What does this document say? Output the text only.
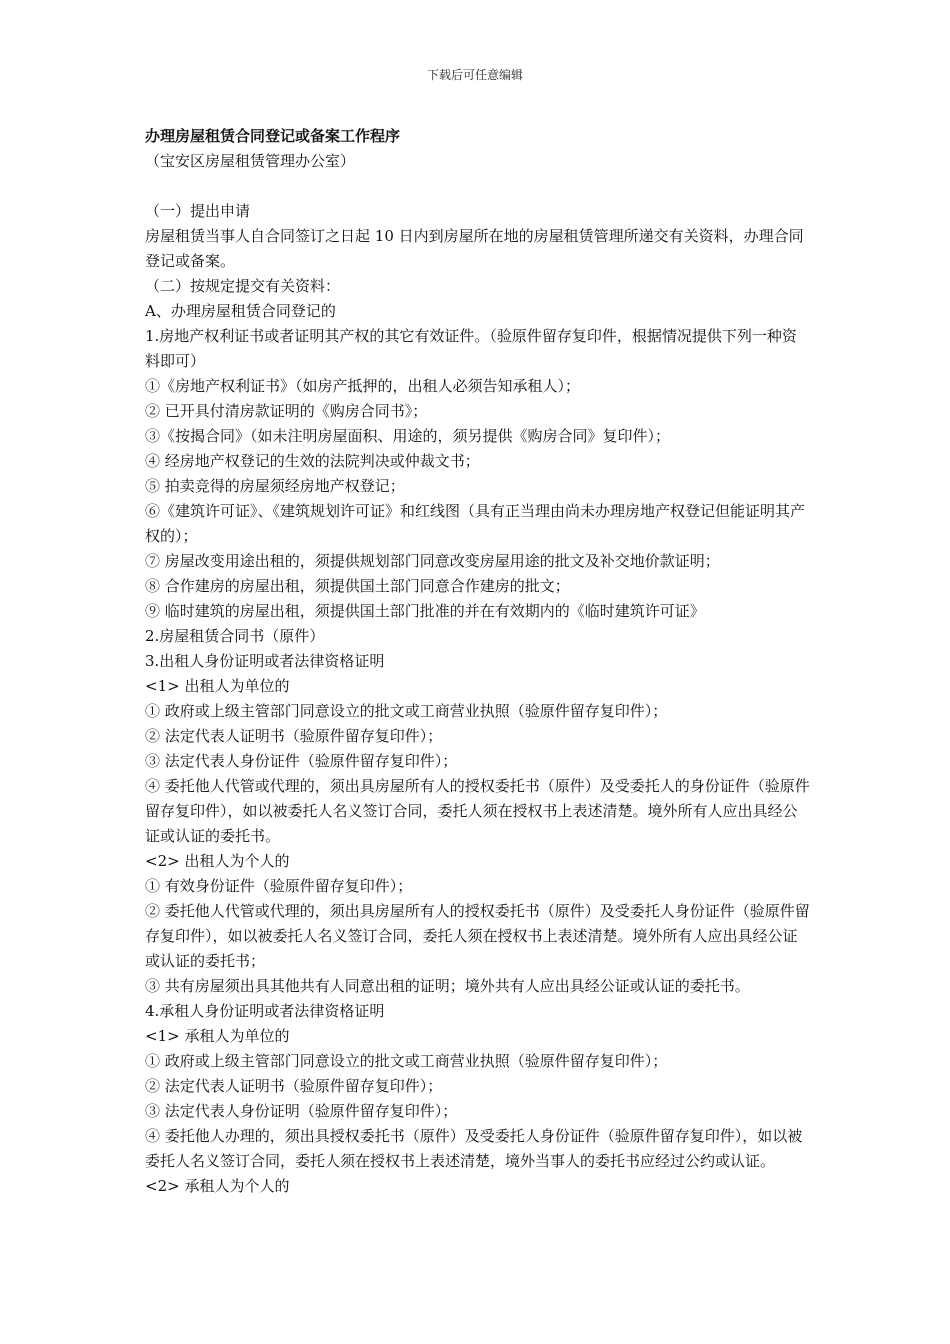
下载后可任意编辑

办理房屋租赁合同登记或备案工作程序

（宝安区房屋租赁管理办公室）

（一）提出申请

房屋租赁当事人自合同签订之日起 10 日内到房屋所在地的房屋租赁管理所递交有关资料，办理合同登记或备案。

（二）按规定提交有关资料：

A、办理房屋租赁合同登记的

1.房地产权利证书或者证明其产权的其它有效证件。（验原件留存复印件，根据情况提供下列一种资料即可）

①《房地产权利证书》（如房产抵押的，出租人必须告知承租人）；

② 已开具付清房款证明的《购房合同书》；

③《按揭合同》（如未注明房屋面积、用途的，须另提供《购房合同》复印件）；

④ 经房地产权登记的生效的法院判决或仲裁文书；

⑤ 拍卖竞得的房屋须经房地产权登记；

⑥《建筑许可证》、《建筑规划许可证》和红线图（具有正当理由尚未办理房地产权登记但能证明其产权的）；

⑦ 房屋改变用途出租的，须提供规划部门同意改变房屋用途的批文及补交地价款证明；

⑧ 合作建房的房屋出租，须提供国土部门同意合作建房的批文；

⑨ 临时建筑的房屋出租，须提供国土部门批准的并在有效期内的《临时建筑许可证》

2.房屋租赁合同书（原件）

3.出租人身份证明或者法律资格证明

<1> 出租人为单位的

① 政府或上级主管部门同意设立的批文或工商营业执照（验原件留存复印件）；

② 法定代表人证明书（验原件留存复印件）；

③ 法定代表人身份证件（验原件留存复印件）；

④ 委托他人代管或代理的，须出具房屋所有人的授权委托书（原件）及受委托人的身份证件（验原件留存复印件），如以被委托人名义签订合同，委托人须在授权书上表述清楚。境外所有人应出具经公证或认证的委托书。

<2> 出租人为个人的

① 有效身份证件（验原件留存复印件）；

② 委托他人代管或代理的，须出具房屋所有人的授权委托书（原件）及受委托人身份证件（验原件留存复印件），如以被委托人名义签订合同，委托人须在授权书上表述清楚。境外所有人应出具经公证或认证的委托书；

③ 共有房屋须出具其他共有人同意出租的证明；境外共有人应出具经公证或认证的委托书。

4.承租人身份证明或者法律资格证明

<1> 承租人为单位的

① 政府或上级主管部门同意设立的批文或工商营业执照（验原件留存复印件）；

② 法定代表人证明书（验原件留存复印件）；

③ 法定代表人身份证明（验原件留存复印件）；

④ 委托他人办理的，须出具授权委托书（原件）及受委托人身份证件（验原件留存复印件），如以被委托人名义签订合同，委托人须在授权书上表述清楚，境外当事人的委托书应经过公约或认证。

<2> 承租人为个人的
